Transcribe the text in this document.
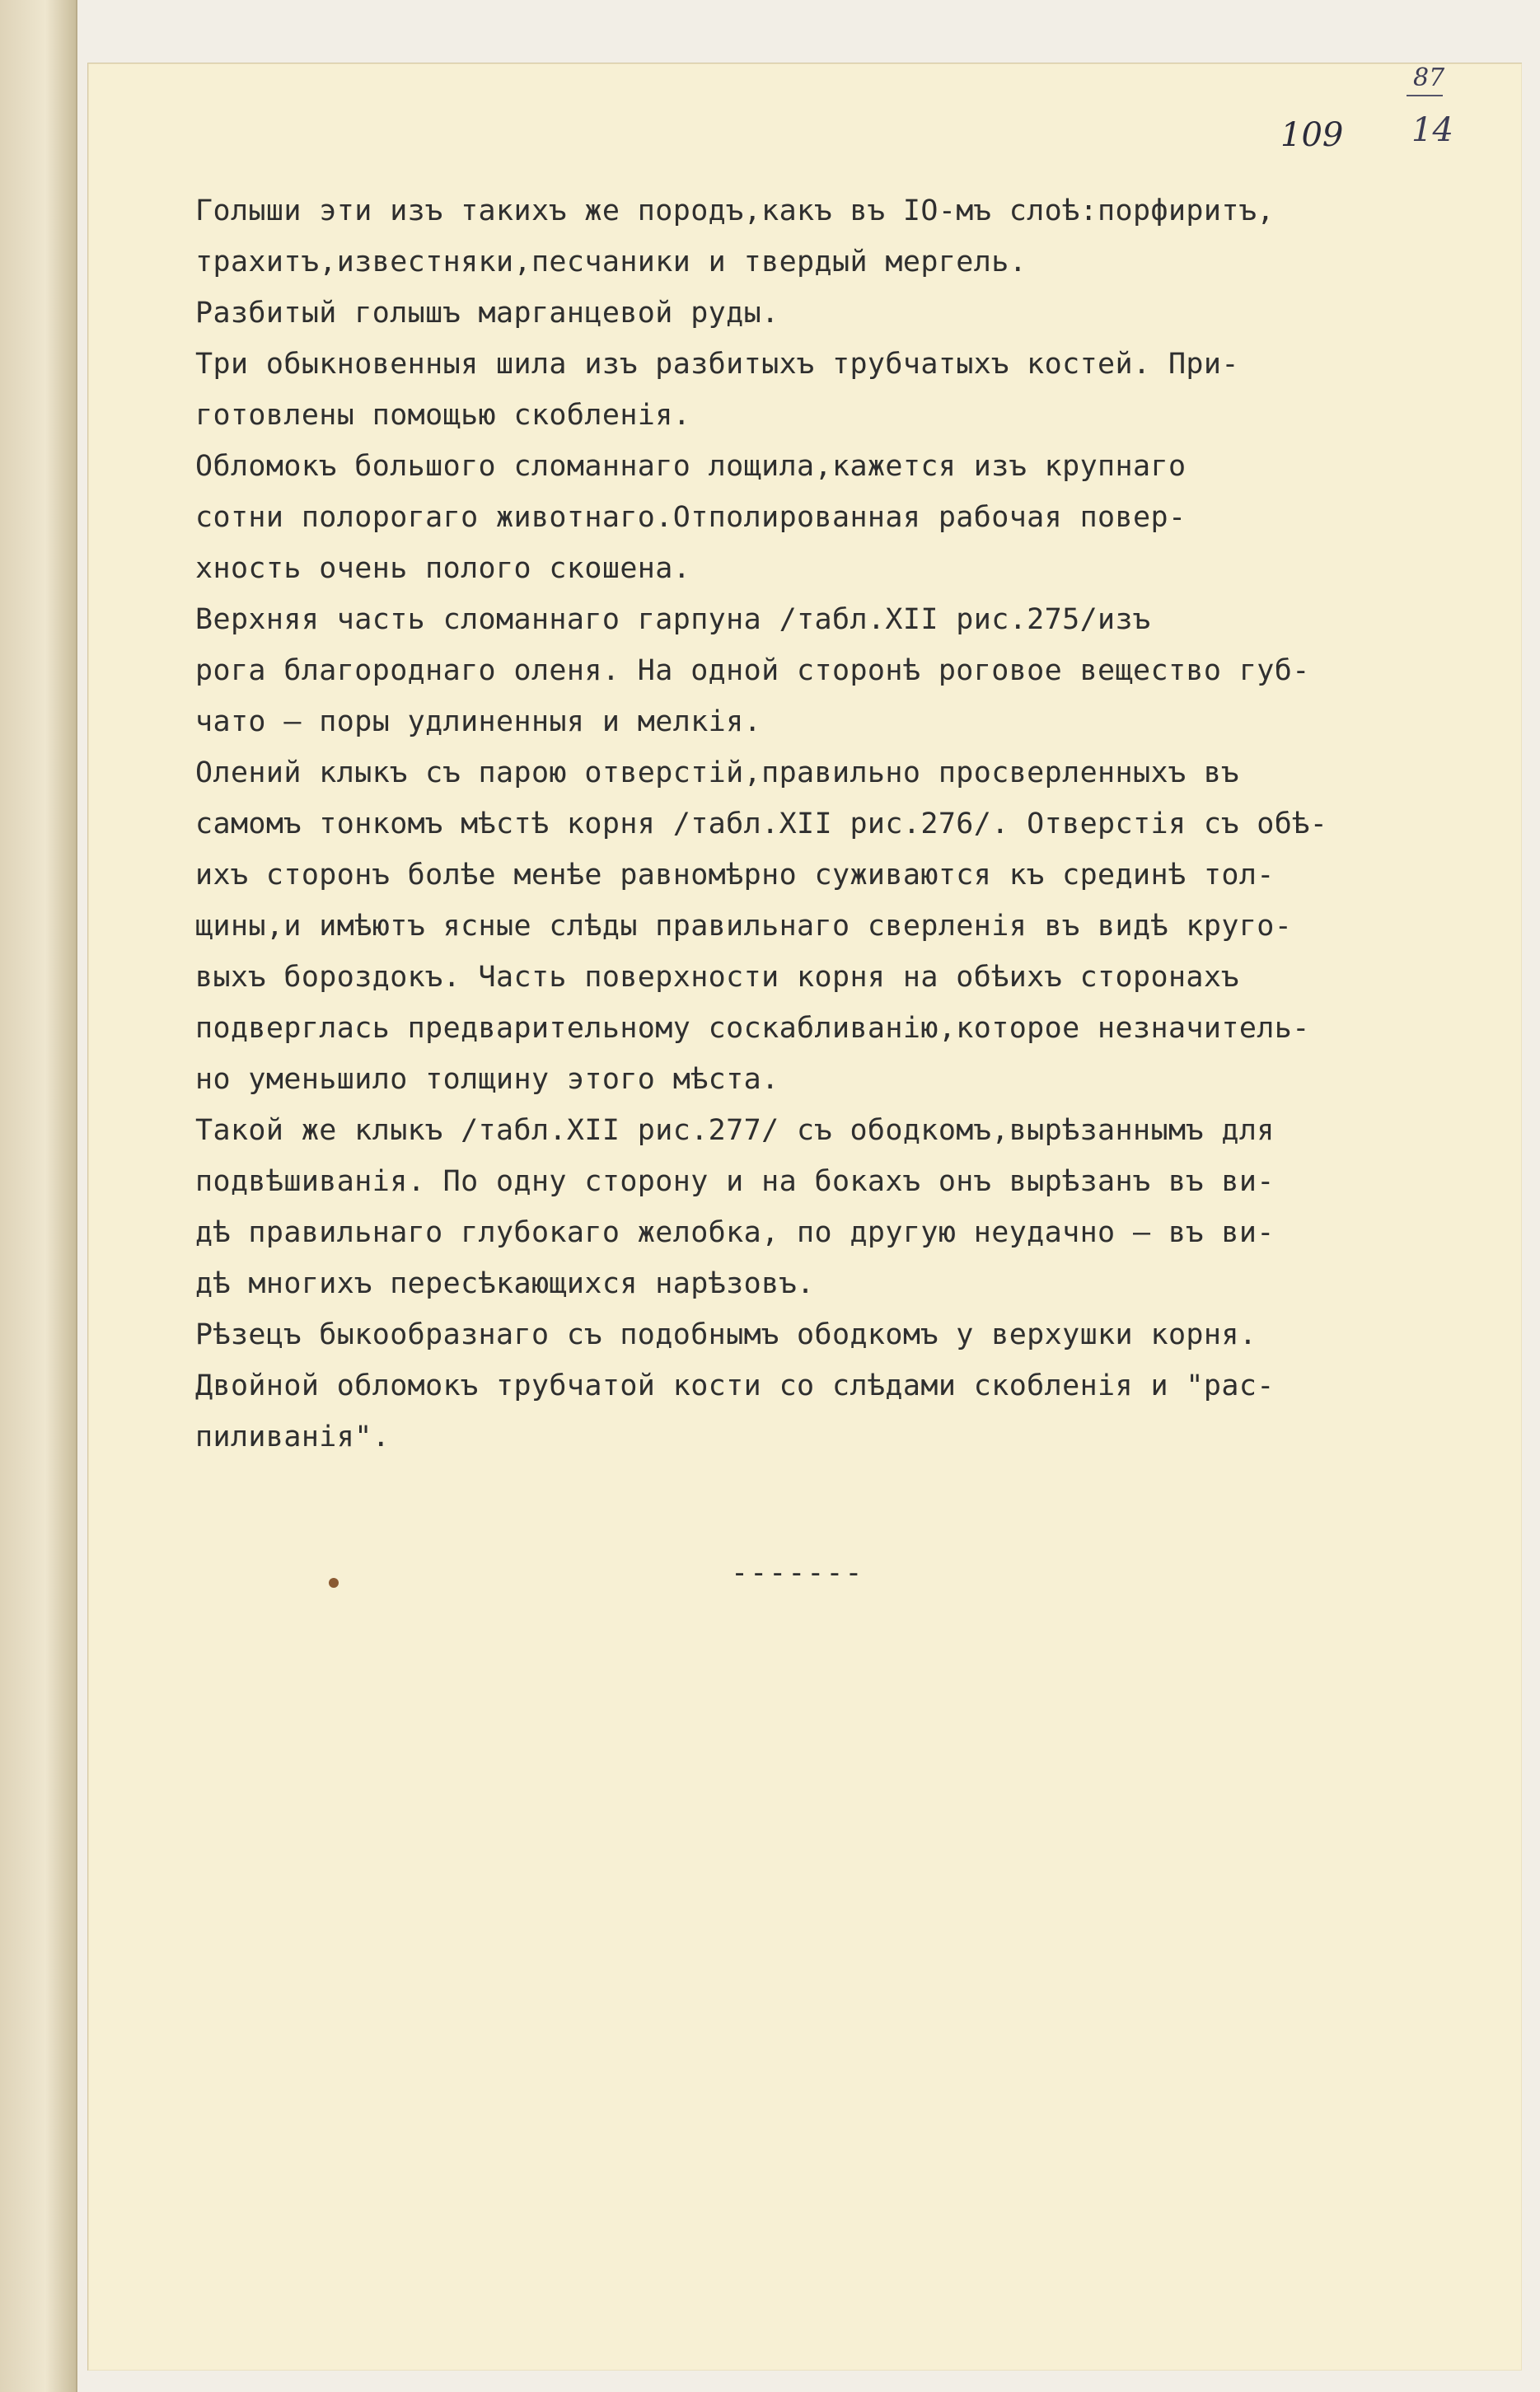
87
14
109
Голыши эти изъ такихъ же породъ,какъ въ IO-мъ слоѣ:порфиритъ,
трахитъ,известняки,песчаники и твердый мергель.
Разбитый голышъ марганцевой руды.
Три обыкновенныя шила изъ разбитыхъ трубчатыхъ костей. При-
готовлены помощью скобленія.
Обломокъ большого сломаннаго лощила,кажется изъ крупнаго
сотни полорогаго животнаго.Отполированная рабочая повер-
хность очень полого скошена.
Верхняя часть сломаннаго гарпуна /табл.XII рис.275/изъ
рога благороднаго оленя. На одной сторонѣ роговое вещество губ-
чато — поры удлиненныя и мелкія.
Олений клыкъ съ парою отверстій,правильно просверленныхъ въ
самомъ тонкомъ мѣстѣ корня /табл.XII рис.276/. Отверстія съ обѣ-
ихъ сторонъ болѣе менѣе равномѣрно суживаются къ срединѣ тол-
щины,и имѣютъ ясные слѣды правильнаго сверленія въ видѣ круго-
выхъ бороздокъ. Часть поверхности корня на обѣихъ сторонахъ
подверглась предварительному соскабливанію,которое незначитель-
но уменьшило толщину этого мѣста.
Такой же клыкъ /табл.XII рис.277/ съ ободкомъ,вырѣзаннымъ для
подвѣшиванія. По одну сторону и на бокахъ онъ вырѣзанъ въ ви-
дѣ правильнаго глубокаго желобка, по другую неудачно — въ ви-
дѣ многихъ пересѣкающихся нарѣзовъ.
Рѣзецъ быкообразнаго съ подобнымъ ободкомъ у верхушки корня.
Двойной обломокъ трубчатой кости со слѣдами скобленія и "рас-
пиливанія".
-------
